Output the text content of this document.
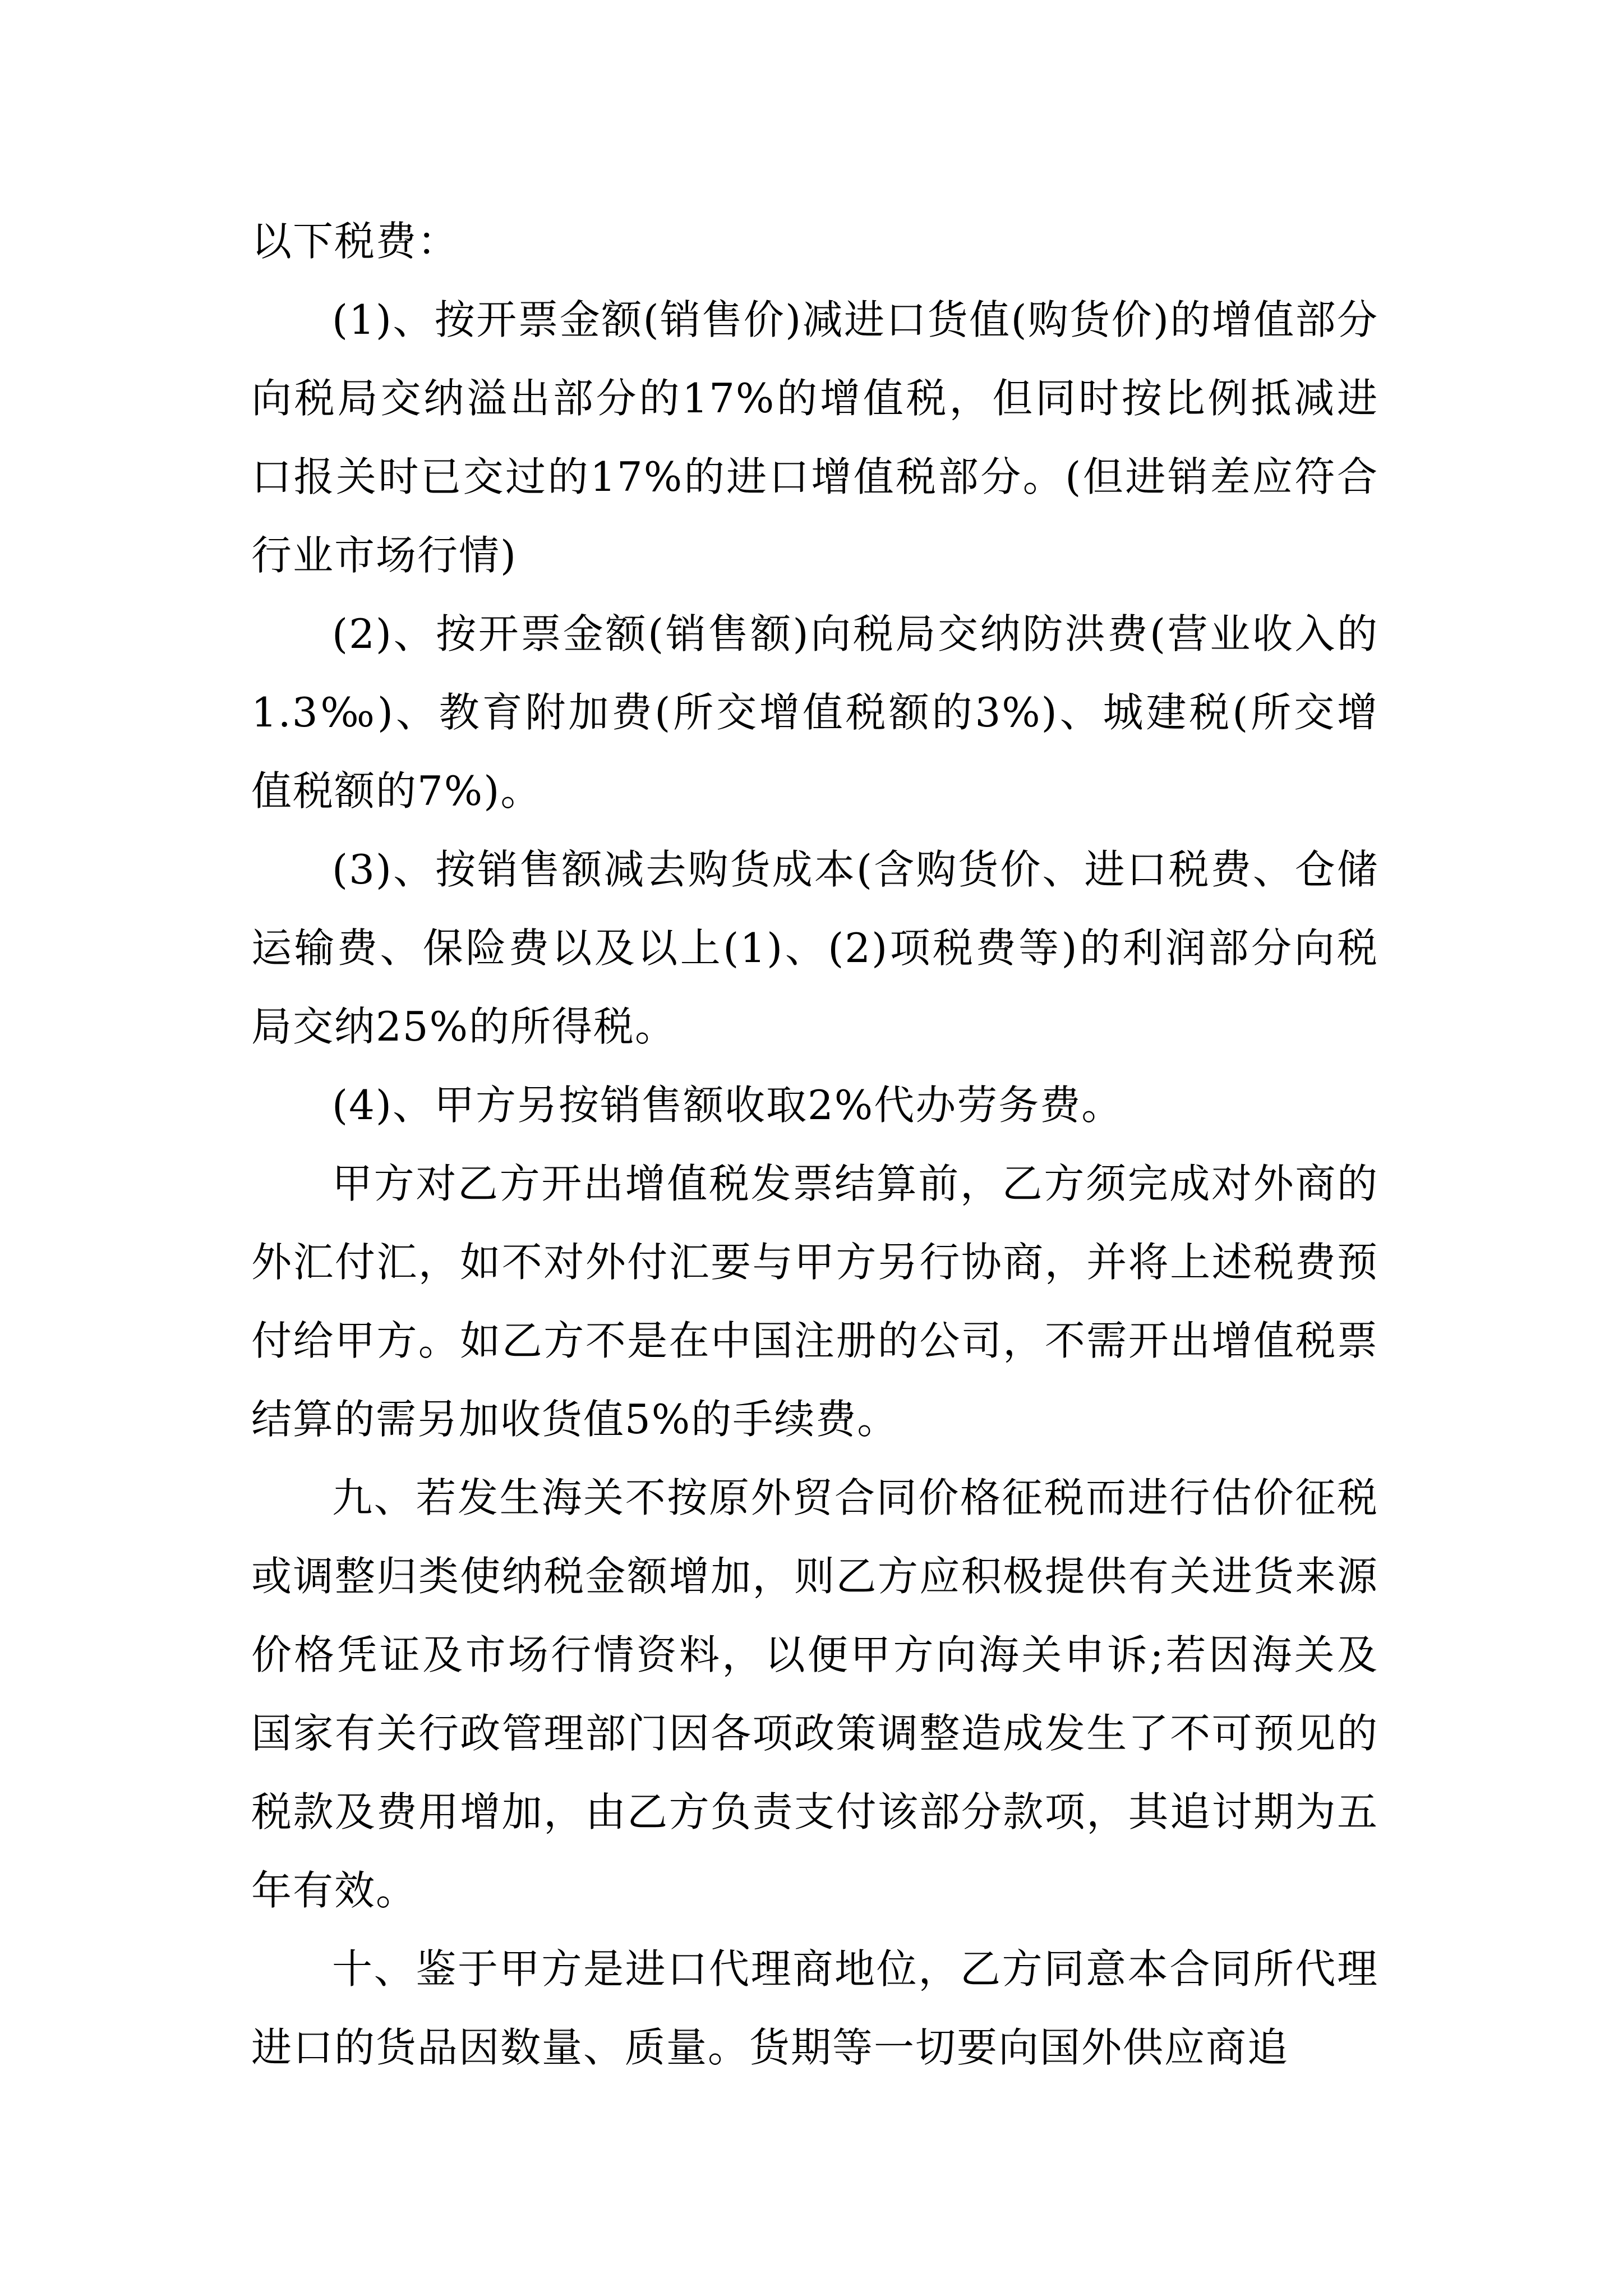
以下税费：

(1)、按开票金额(销售价)减进口货值(购货价)的增值部分向税局交纳溢出部分的17%的增值税，但同时按比例抵减进口报关时已交过的17%的进口增值税部分。(但进销差应符合行业市场行情)

(2)、按开票金额(销售额)向税局交纳防洪费(营业收入的1.3‰)、教育附加费(所交增值税额的3%)、城建税(所交增值税额的7%)。

(3)、按销售额减去购货成本(含购货价、进口税费、仓储运输费、保险费以及以上(1)、(2)项税费等)的利润部分向税局交纳25%的所得税。

(4)、甲方另按销售额收取2%代办劳务费。

甲方对乙方开出增值税发票结算前，乙方须完成对外商的外汇付汇，如不对外付汇要与甲方另行协商，并将上述税费预付给甲方。如乙方不是在中国注册的公司，不需开出增值税票结算的需另加收货值5%的手续费。

九、若发生海关不按原外贸合同价格征税而进行估价征税或调整归类使纳税金额增加，则乙方应积极提供有关进货来源价格凭证及市场行情资料，以便甲方向海关申诉;若因海关及国家有关行政管理部门因各项政策调整造成发生了不可预见的税款及费用增加，由乙方负责支付该部分款项，其追讨期为五年有效。

十、鉴于甲方是进口代理商地位，乙方同意本合同所代理进口的货品因数量、质量。货期等一切要向国外供应商追
